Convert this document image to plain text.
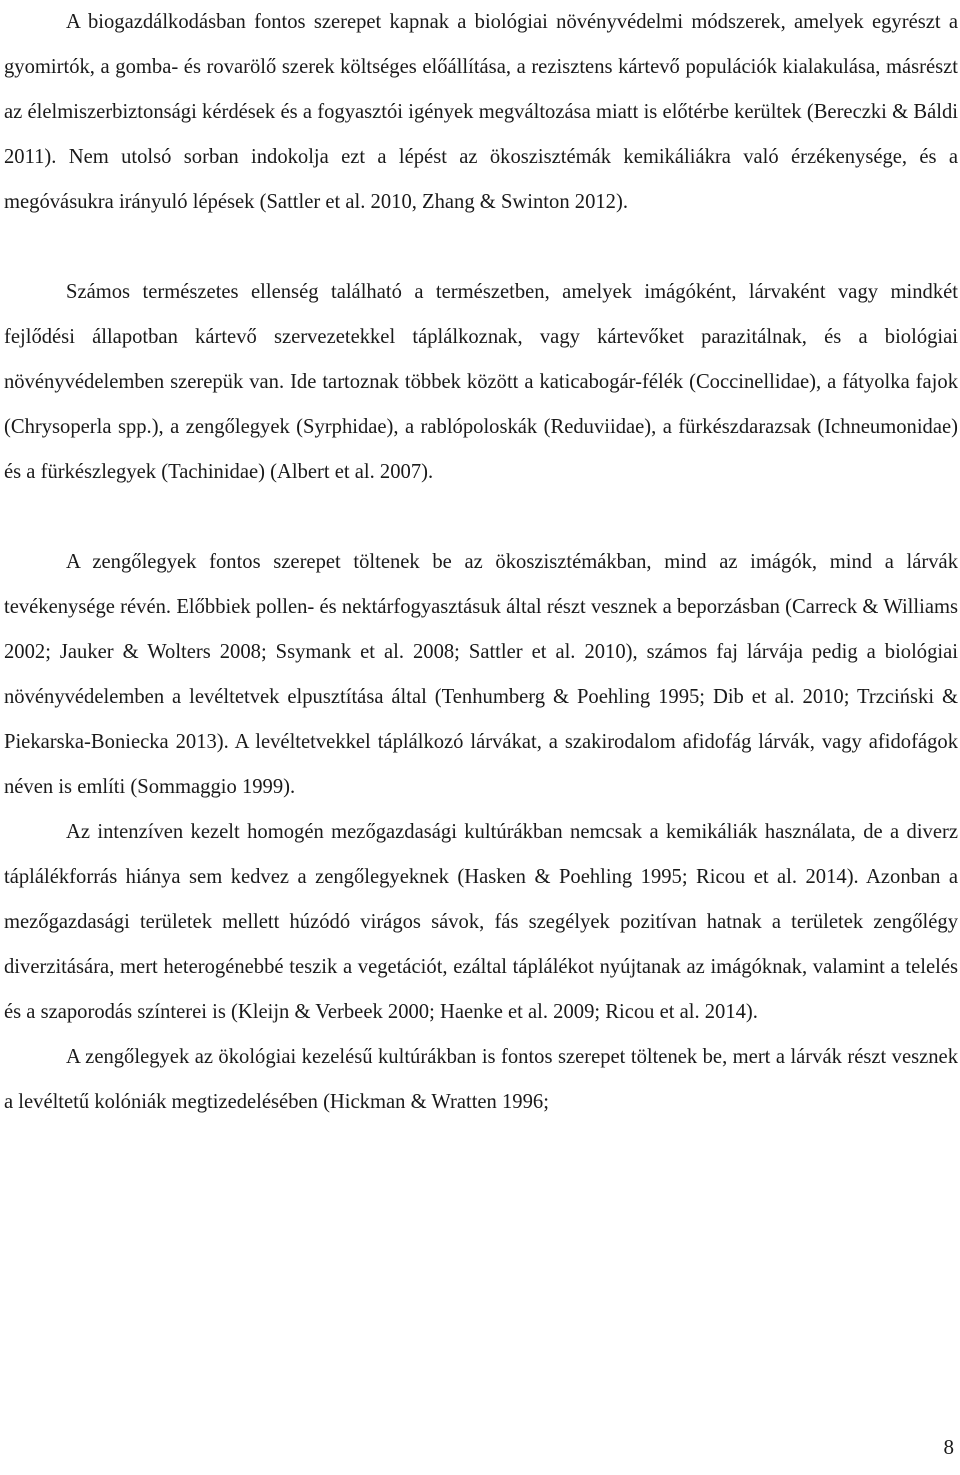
A biogazdálkodásban fontos szerepet kapnak a biológiai növényvédelmi módszerek, amelyek egyrészt a gyomirtók, a gomba- és rovarölő szerek költséges előállítása, a rezisztens kártevő populációk kialakulása, másrészt az élelmiszerbiztonsági kérdések és a fogyasztói igények megváltozása miatt is előtérbe kerültek (Bereczki & Báldi 2011). Nem utolsó sorban indokolja ezt a lépést az ökoszisztémák kemikáliákra való érzékenysége, és a megóvásukra irányuló lépések (Sattler et al. 2010, Zhang & Swinton 2012).

Számos természetes ellenség található a természetben, amelyek imágóként, lárvaként vagy mindkét fejlődési állapotban kártevő szervezetekkel táplálkoznak, vagy kártevőket parazitálnak, és a biológiai növényvédelemben szerepük van. Ide tartoznak többek között a katicabogár-félék (Coccinellidae), a fátyolka fajok (Chrysoperla spp.), a zengőlegyek (Syrphidae), a rablópoloskák (Reduviidae), a fürkészdarazsak (Ichneumonidae) és a fürkészlegyek (Tachinidae) (Albert et al. 2007).

A zengőlegyek fontos szerepet töltenek be az ökoszisztémákban, mind az imágók, mind a lárvák tevékenysége révén. Előbbiek pollen- és nektárfogyasztásuk által részt vesznek a beporzásban (Carreck & Williams 2002; Jauker & Wolters 2008; Ssymank et al. 2008; Sattler et al. 2010), számos faj lárvája pedig a biológiai növényvédelemben a levéltetvek elpusztítása által (Tenhumberg & Poehling 1995; Dib et al. 2010; Trzciński & Piekarska-Boniecka 2013). A levéltetvekkel táplálkozó lárvákat, a szakirodalom afidofág lárvák, vagy afidofágok néven is említi (Sommaggio 1999).

Az intenzíven kezelt homogén mezőgazdasági kultúrákban nemcsak a kemikáliák használata, de a diverz táplálékforrás hiánya sem kedvez a zengőlegyeknek (Hasken & Poehling 1995; Ricou et al. 2014). Azonban a mezőgazdasági területek mellett húzódó virágos sávok, fás szegélyek pozitívan hatnak a területek zengőlégy diverzitására, mert heterogénebbé teszik a vegetációt, ezáltal táplálékot nyújtanak az imágóknak, valamint a telelés és a szaporodás színterei is (Kleijn & Verbeek 2000; Haenke et al. 2009; Ricou et al. 2014).

A zengőlegyek az ökológiai kezelésű kultúrákban is fontos szerepet töltenek be, mert a lárvák részt vesznek a levéltetű kolóniák megtizedelésében (Hickman & Wratten 1996;

8
